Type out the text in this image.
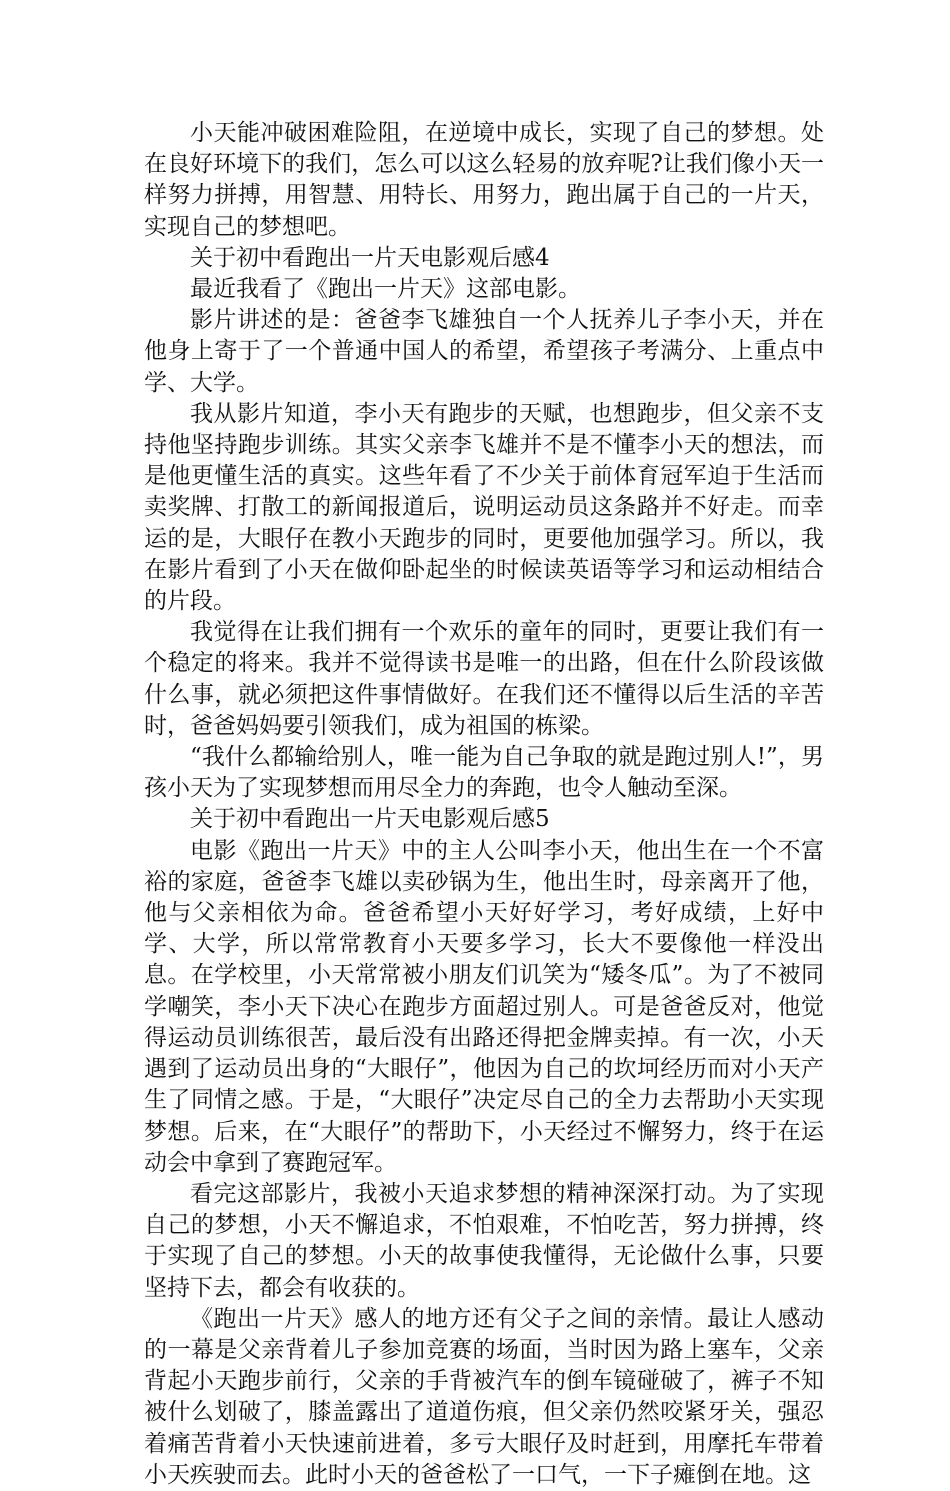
小天能冲破困难险阻，在逆境中成长，实现了自己的梦想。处在良好环境下的我们，怎么可以这么轻易的放弃呢?让我们像小天一样努力拼搏，用智慧、用特长、用努力，跑出属于自己的一片天，实现自己的梦想吧。

关于初中看跑出一片天电影观后感4

最近我看了《跑出一片天》这部电影。

影片讲述的是：爸爸李飞雄独自一个人抚养儿子李小天，并在他身上寄于了一个普通中国人的希望，希望孩子考满分、上重点中学、大学。

我从影片知道，李小天有跑步的天赋，也想跑步，但父亲不支持他坚持跑步训练。其实父亲李飞雄并不是不懂李小天的想法，而是他更懂生活的真实。这些年看了不少关于前体育冠军迫于生活而卖奖牌、打散工的新闻报道后，说明运动员这条路并不好走。而幸运的是，大眼仔在教小天跑步的同时，更要他加强学习。所以，我在影片看到了小天在做仰卧起坐的时候读英语等学习和运动相结合的片段。

我觉得在让我们拥有一个欢乐的童年的同时，更要让我们有一个稳定的将来。我并不觉得读书是唯一的出路，但在什么阶段该做什么事，就必须把这件事情做好。在我们还不懂得以后生活的辛苦时，爸爸妈妈要引领我们，成为祖国的栋梁。

“我什么都输给别人，唯一能为自己争取的就是跑过别人!”，男孩小天为了实现梦想而用尽全力的奔跑，也令人触动至深。

关于初中看跑出一片天电影观后感5

电影《跑出一片天》中的主人公叫李小天，他出生在一个不富裕的家庭，爸爸李飞雄以卖砂锅为生，他出生时，母亲离开了他，他与父亲相依为命。爸爸希望小天好好学习，考好成绩，上好中学、大学，所以常常教育小天要多学习，长大不要像他一样没出息。在学校里，小天常常被小朋友们讥笑为“矮冬瓜”。为了不被同学嘲笑，李小天下决心在跑步方面超过别人。可是爸爸反对，他觉得运动员训练很苦，最后没有出路还得把金牌卖掉。有一次，小天遇到了运动员出身的“大眼仔”，他因为自己的坎坷经历而对小天产生了同情之感。于是，“大眼仔”决定尽自己的全力去帮助小天实现梦想。后来，在“大眼仔”的帮助下，小天经过不懈努力，终于在运动会中拿到了赛跑冠军。

看完这部影片，我被小天追求梦想的精神深深打动。为了实现自己的梦想，小天不懈追求，不怕艰难，不怕吃苦，努力拼搏，终于实现了自己的梦想。小天的故事使我懂得，无论做什么事，只要坚持下去，都会有收获的。

《跑出一片天》感人的地方还有父子之间的亲情。最让人感动的一幕是父亲背着儿子参加竞赛的场面，当时因为路上塞车，父亲背起小天跑步前行，父亲的手背被汽车的倒车镜碰破了，裤子不知被什么划破了，膝盖露出了道道伤痕，但父亲仍然咬紧牙关，强忍着痛苦背着小天快速前进着，多亏大眼仔及时赶到，用摩托车带着小天疾驶而去。此时小天的爸爸松了一口气，一下子瘫倒在地。这
